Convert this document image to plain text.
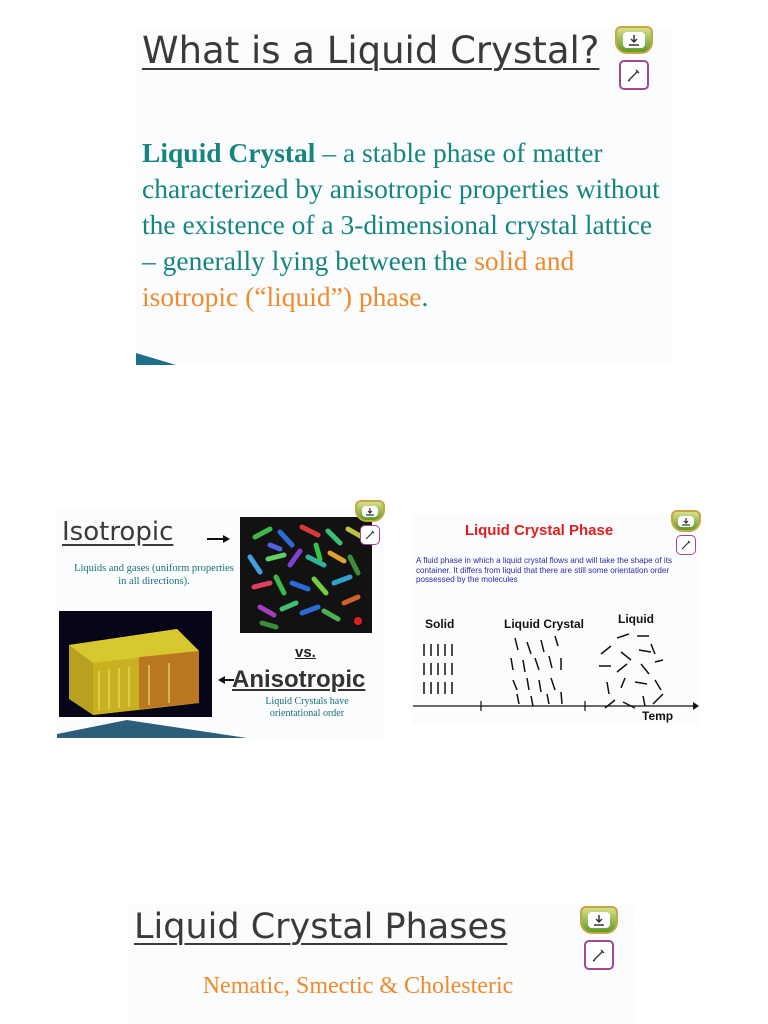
What is a Liquid Crystal?
Liquid Crystal – a stable phase of matter characterized by anisotropic properties without the existence of a 3-dimensional crystal lattice – generally lying between the solid and isotropic (“liquid”) phase.
Isotropic
Liquids and gases (uniform properties in all directions).
vs.
Anisotropic
Liquid Crystals have orientational order
Liquid Crystal Phase
A fluid phase in which a liquid crystal flows and will take the shape of its container. It differs from liquid that there are still some orientation order possessed by the molecules
Solid	Liquid Crystal	Liquid
Temp
Liquid Crystal Phases
Nematic, Smectic & Cholesteric
